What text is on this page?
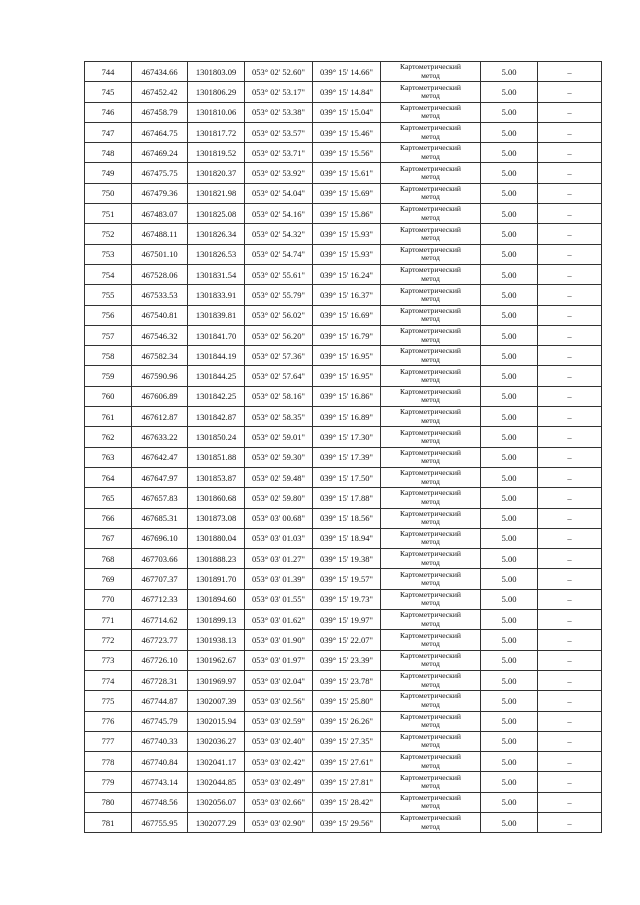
744	467434.66	1301803.09	053° 02' 52.60"	039° 15' 14.66"	Картометрический
метод	5.00	–
745	467452.42	1301806.29	053° 02' 53.17"	039° 15' 14.84"	Картометрический
метод	5.00	–
746	467458.79	1301810.06	053° 02' 53.38"	039° 15' 15.04"	Картометрический
метод	5.00	–
747	467464.75	1301817.72	053° 02' 53.57"	039° 15' 15.46"	Картометрический
метод	5.00	–
748	467469.24	1301819.52	053° 02' 53.71"	039° 15' 15.56"	Картометрический
метод	5.00	–
749	467475.75	1301820.37	053° 02' 53.92"	039° 15' 15.61"	Картометрический
метод	5.00	–
750	467479.36	1301821.98	053° 02' 54.04"	039° 15' 15.69"	Картометрический
метод	5.00	–
751	467483.07	1301825.08	053° 02' 54.16"	039° 15' 15.86"	Картометрический
метод	5.00	–
752	467488.11	1301826.34	053° 02' 54.32"	039° 15' 15.93"	Картометрический
метод	5.00	–
753	467501.10	1301826.53	053° 02' 54.74"	039° 15' 15.93"	Картометрический
метод	5.00	–
754	467528.06	1301831.54	053° 02' 55.61"	039° 15' 16.24"	Картометрический
метод	5.00	–
755	467533.53	1301833.91	053° 02' 55.79"	039° 15' 16.37"	Картометрический
метод	5.00	–
756	467540.81	1301839.81	053° 02' 56.02"	039° 15' 16.69"	Картометрический
метод	5.00	–
757	467546.32	1301841.70	053° 02' 56.20"	039° 15' 16.79"	Картометрический
метод	5.00	–
758	467582.34	1301844.19	053° 02' 57.36"	039° 15' 16.95"	Картометрический
метод	5.00	–
759	467590.96	1301844.25	053° 02' 57.64"	039° 15' 16.95"	Картометрический
метод	5.00	–
760	467606.89	1301842.25	053° 02' 58.16"	039° 15' 16.86"	Картометрический
метод	5.00	–
761	467612.87	1301842.87	053° 02' 58.35"	039° 15' 16.89"	Картометрический
метод	5.00	–
762	467633.22	1301850.24	053° 02' 59.01"	039° 15' 17.30"	Картометрический
метод	5.00	–
763	467642.47	1301851.88	053° 02' 59.30"	039° 15' 17.39"	Картометрический
метод	5.00	–
764	467647.97	1301853.87	053° 02' 59.48"	039° 15' 17.50"	Картометрический
метод	5.00	–
765	467657.83	1301860.68	053° 02' 59.80"	039° 15' 17.88"	Картометрический
метод	5.00	–
766	467685.31	1301873.08	053° 03' 00.68"	039° 15' 18.56"	Картометрический
метод	5.00	–
767	467696.10	1301880.04	053° 03' 01.03"	039° 15' 18.94"	Картометрический
метод	5.00	–
768	467703.66	1301888.23	053° 03' 01.27"	039° 15' 19.38"	Картометрический
метод	5.00	–
769	467707.37	1301891.70	053° 03' 01.39"	039° 15' 19.57"	Картометрический
метод	5.00	–
770	467712.33	1301894.60	053° 03' 01.55"	039° 15' 19.73"	Картометрический
метод	5.00	–
771	467714.62	1301899.13	053° 03' 01.62"	039° 15' 19.97"	Картометрический
метод	5.00	–
772	467723.77	1301938.13	053° 03' 01.90"	039° 15' 22.07"	Картометрический
метод	5.00	–
773	467726.10	1301962.67	053° 03' 01.97"	039° 15' 23.39"	Картометрический
метод	5.00	–
774	467728.31	1301969.97	053° 03' 02.04"	039° 15' 23.78"	Картометрический
метод	5.00	–
775	467744.87	1302007.39	053° 03' 02.56"	039° 15' 25.80"	Картометрический
метод	5.00	–
776	467745.79	1302015.94	053° 03' 02.59"	039° 15' 26.26"	Картометрический
метод	5.00	–
777	467740.33	1302036.27	053° 03' 02.40"	039° 15' 27.35"	Картометрический
метод	5.00	–
778	467740.84	1302041.17	053° 03' 02.42"	039° 15' 27.61"	Картометрический
метод	5.00	–
779	467743.14	1302044.85	053° 03' 02.49"	039° 15' 27.81"	Картометрический
метод	5.00	–
780	467748.56	1302056.07	053° 03' 02.66"	039° 15' 28.42"	Картометрический
метод	5.00	–
781	467755.95	1302077.29	053° 03' 02.90"	039° 15' 29.56"	Картометрический
метод	5.00	–
